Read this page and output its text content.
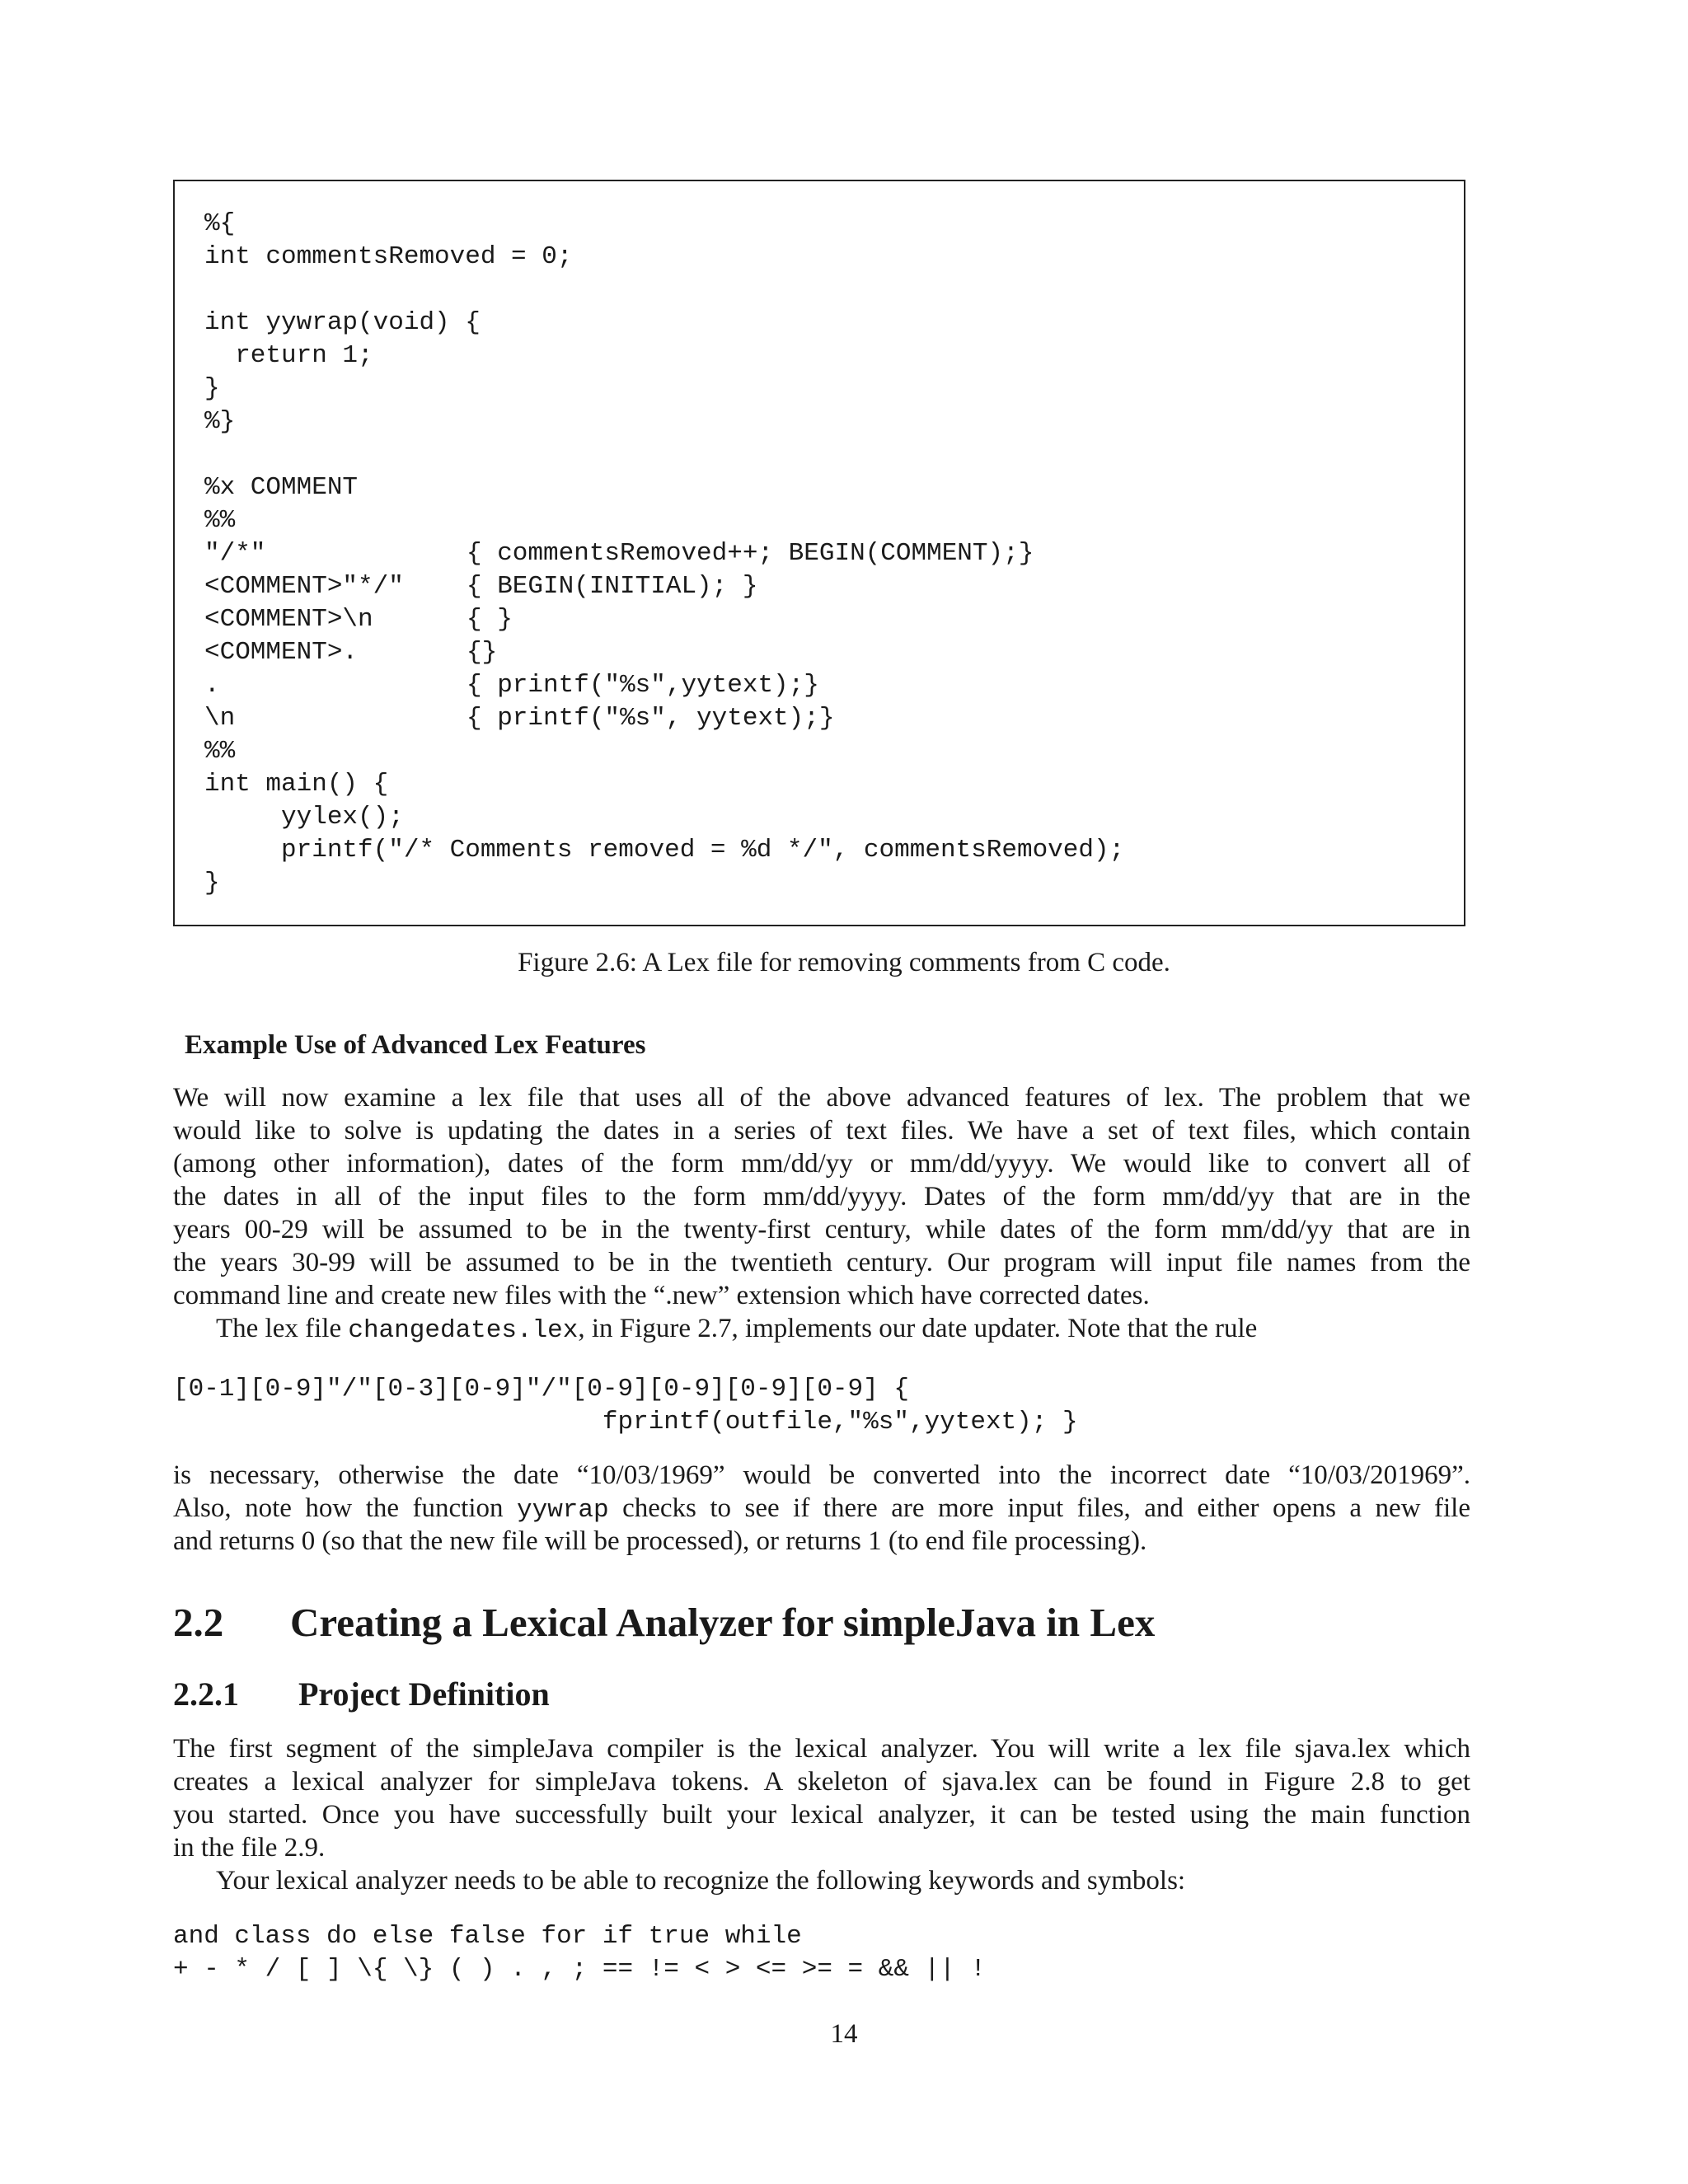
%{
int commentsRemoved = 0;
int yywrap(void) {
return 1;
}
%}
%x COMMENT
%%
"/*"	{ commentsRemoved++; BEGIN(COMMENT);}
<COMMENT>"*/" { BEGIN(INITIAL); }
<COMMENT>\n	{ }
<COMMENT>.	{}
.	{ printf("%s",yytext);}
\n	{ printf("%s", yytext);}
%%
int main() {
yylex();
printf("/* Comments removed = %d */", commentsRemoved);
}
Figure 2.6: A Lex file for removing comments from C code.
Example Use of Advanced Lex Features
We will now examine a lex file that uses all of the above advanced features of lex. The problem that we
would like to solve is updating the dates in a series of text files. We have a set of text files, which contain
(among other information), dates of the form mm/dd/yy or mm/dd/yyyy. We would like to convert all of
the dates in all of the input files to the form mm/dd/yyyy. Dates of the form mm/dd/yy that are in the
years 00-29 will be assumed to be in the twenty-first century, while dates of the form mm/dd/yy that are in
the years 30-99 will be assumed to be in the twentieth century. Our program will input file names from the
command line and create new files with the “.new” extension which have corrected dates.
The lex file changedates.lex, in Figure 2.7, implements our date updater. Note that the rule
[0-1][0-9]"/"[0-3][0-9]"/"[0-9][0-9][0-9][0-9] {
fprintf(outfile,"%s",yytext); }
is necessary, otherwise the date “10/03/1969” would be converted into the incorrect date “10/03/201969”.
Also, note how the function yywrap checks to see if there are more input files, and either opens a new file
and returns 0 (so that the new file will be processed), or returns 1 (to end file processing).
2.2 Creating a Lexical Analyzer for simpleJava in Lex
2.2.1 Project Definition
The first segment of the simpleJava compiler is the lexical analyzer. You will write a lex file sjava.lex which
creates a lexical analyzer for simpleJava tokens. A skeleton of sjava.lex can be found in Figure 2.8 to get
you started. Once you have successfully built your lexical analyzer, it can be tested using the main function
in the file 2.9.
Your lexical analyzer needs to be able to recognize the following keywords and symbols:
and class do else false for if true while
+ - * / [ ] \{ \} ( ) . , ; == != < > <= >= = && || !
14
